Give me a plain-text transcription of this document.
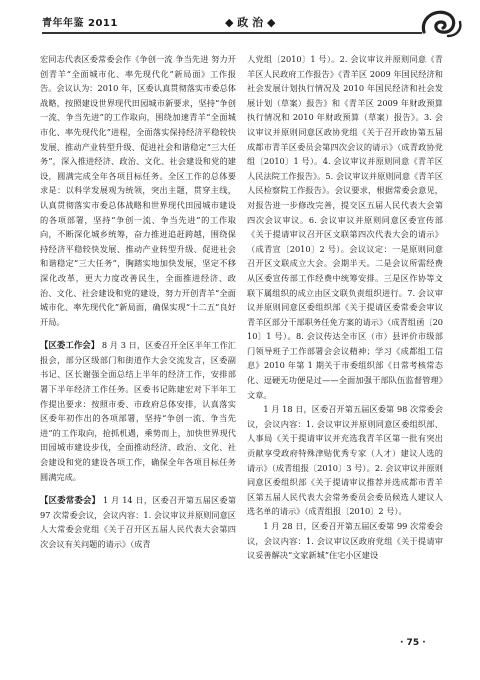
青年年鉴 2011	◆ 政 治 ◆

宏同志代表区委常委会作《争创一流 争当先进 努力开创青羊“全面城市化、率先现代化”新局面》工作报告。会议认为：2010 年，区委认真贯彻落实市委总体战略，按照建设世界现代田园城市新要求，坚持“争创一流、争当先进”的工作取向，围绕加速青羊“全面城市化、率先现代化”进程，全面落实保持经济平稳较快发展、推动产业转型升级、促进社会和谐稳定“三大任务”，深入推进经济、政治、文化、社会建设和党的建设，圆满完成全年各项目标任务。全区工作的总体要求是：以科学发展观为统领，突出主题，贯穿主线，认真贯彻落实市委总体战略和世界现代田园城市建设的各项部署，坚持“争创一流、争当先进”的工作取向，不断深化城乡统筹，奋力推进追赶跨越，围绕保持经济平稳较快发展、推动产业转型升级、促进社会和谐稳定“三大任务”，胸踏实地加快发展，坚定不移深化改革，更大力度改善民生，全面推进经济、政治、文化、社会建设和党的建设，努力开创青羊“全面城市化、率先现代化”新局面，确保实现“十二五”良好开局。

【区委工作会】 8 月 3 日，区委召开全区半年工作汇报会，部分区级部门和街道作大会交流发言，区委副书记、区长谢强全面总结上半年的经济工作，安排部署下半年经济工作任务。区委书记陈建宏对下半年工作提出要求：按照市委、市政府总体安排，认真落实区委年初作出的各项部署，坚持“争创一流、争当先进”的工作取向，抢抓机遇，乘势而上，加快世界现代田园城市建设步伐，全面推动经济、政治、文化、社会建设和党的建设各项工作，确保全年各项目标任务圆满完成。

【区委常委会】 1 月 14 日，区委召开第五届区委第 97 次常委会议，会议内容：1. 会议审议并原则同意区人大常委会党组《关于召开区五届人民代表大会第四次会议有关问题的请示》（成青

人党组〔2010〕1 号）。2. 会议审议并原则同意《青羊区人民政府工作报告》《青羊区 2009 年国民经济和社会发展计划执行情况及 2010 年国民经济和社会发展计划（草案）报告》和《青羊区 2009 年财政预算执行情况和 2010 年财政预算（草案）报告》。3. 会议审议并原则同意区政协党组《关于召开政协第五届成都市青羊区委员会第四次会议的请示》（成青政协党组〔2010〕1 号）。4. 会议审议并原则同意《青羊区人民法院工作报告》。5. 会议审议并原则同意《青羊区人民检察院工作报告》。会议要求，根据常委会意见，对报告进一步修改完善，提交区五届人民代表大会第四次会议审议。6. 会议审议并原则同意区委宣传部《关于提请审议召开区文联第四次代表大会的请示》（成青宣〔2010〕2 号）。会议议定：一是原则同意召开区文联成立大会。会期半天。二是会议所需经费从区委宣传部工作经费中统筹安排。三是区作协等文联下属组织的成立由区文联负责组织进行。7. 会议审议并原则同意区委组织部《关于提请区委常委会审议青羊区部分干部职务任免方案的请示》（成青组函〔2010〕1 号）。8. 会议传达全市区（市）县评价市级部门领导班子工作部署会会议精神；学习《成都组工信息》2010 年第 1 期关于市委组织部《日常考核常态化、逗硬无功便是过——全面加强干部队伍监督管理》文章。

1 月 18 日，区委召开第五届区委第 98 次常委会议，会议内容：1. 会议审议并原则同意区委组织部、人事局《关于提请审议并充选我青羊区第一批有突出贡献享受政府特殊津贴优秀专家（人才）建议人选的请示》（成青组报〔2010〕3 号）。2. 会议审议并原则同意区委组织部《关于提请审议推荐并选成都市青羊区第五届人民代表大会常务委员会委员候选人建议人选名单的请示》（成青组报〔2010〕2 号）。

1 月 28 日，区委召开第五届区委第 99 次常委会议，会议内容：1. 会议审议区政府党组《关于提请审议妥善解决“文家新城”住宅小区建设

· 75 ·
